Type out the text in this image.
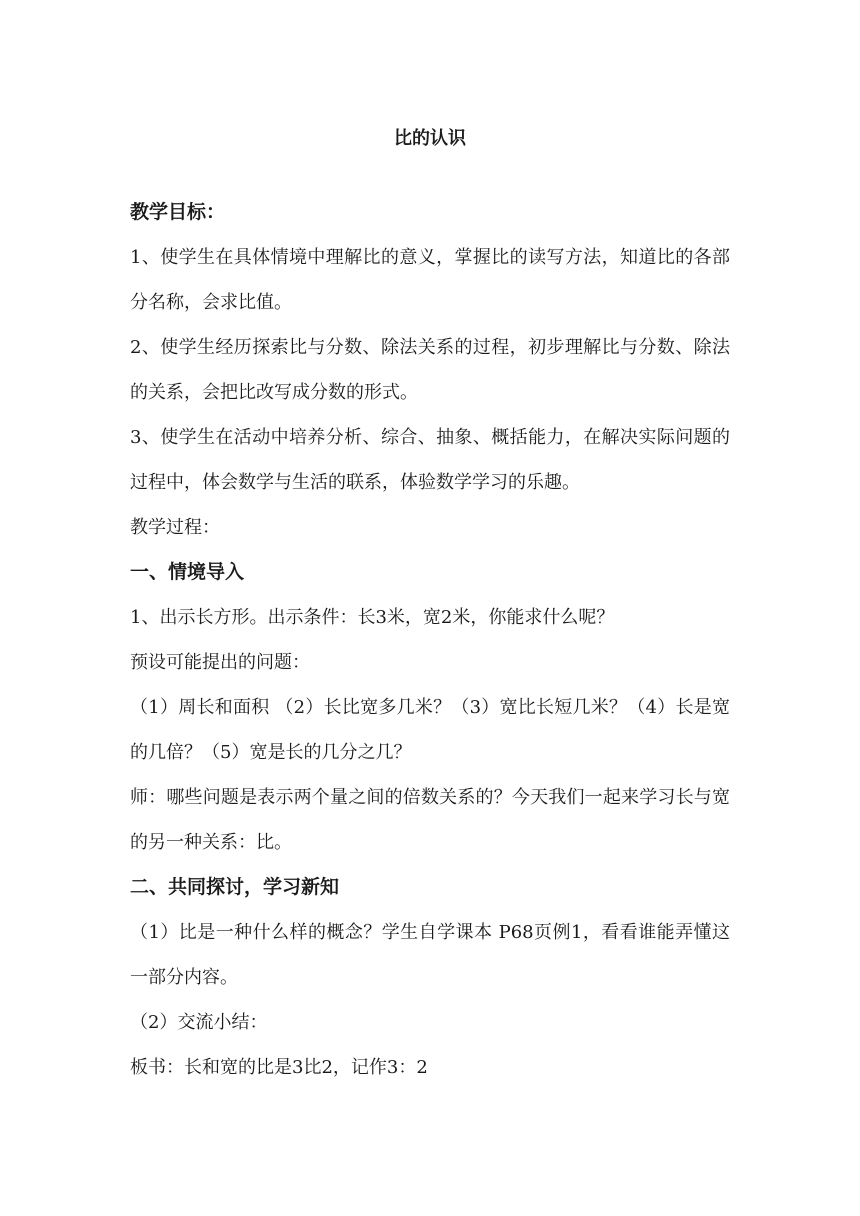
比的认识

教学目标：

1、使学生在具体情境中理解比的意义，掌握比的读写方法，知道比的各部分名称，会求比值。

2、使学生经历探索比与分数、除法关系的过程，初步理解比与分数、除法的关系，会把比改写成分数的形式。

3、使学生在活动中培养分析、综合、抽象、概括能力，在解决实际问题的过程中，体会数学与生活的联系，体验数学学习的乐趣。

教学过程：

一、情境导入

1、出示长方形。出示条件：长3米，宽2米，你能求什么呢？

预设可能提出的问题：

（1）周长和面积 （2）长比宽多几米？（3）宽比长短几米？（4）长是宽的几倍？（5）宽是长的几分之几？

师：哪些问题是表示两个量之间的倍数关系的？今天我们一起来学习长与宽的另一种关系：比。

二、共同探讨，学习新知

（1）比是一种什么样的概念？学生自学课本 P68页例1，看看谁能弄懂这一部分内容。

（2）交流小结：

板书：长和宽的比是3比2，记作3：2
